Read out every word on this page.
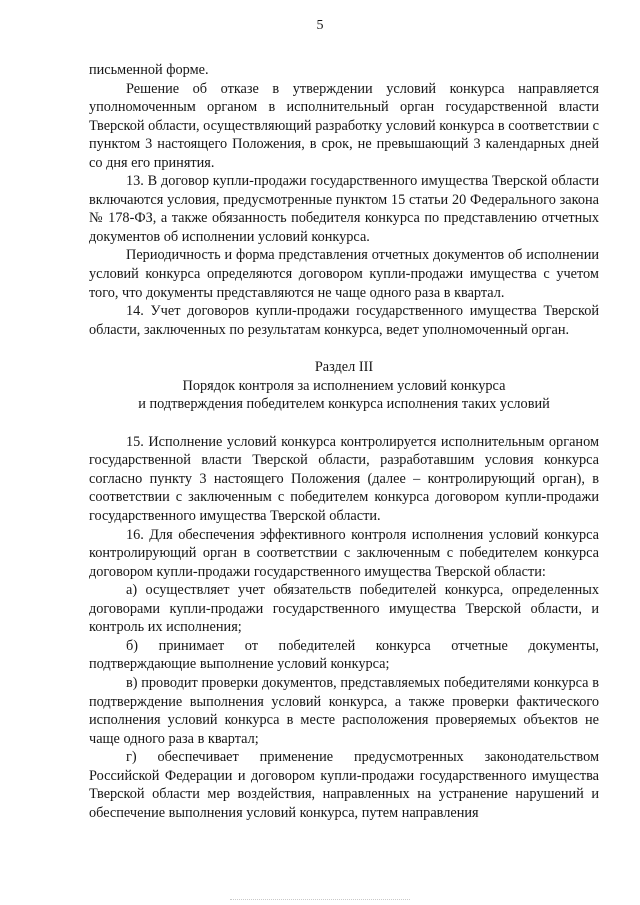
5

письменной форме.

Решение об отказе в утверждении условий конкурса направляется уполномоченным органом в исполнительный орган государственной власти Тверской области, осуществляющий разработку условий конкурса в соответствии с пунктом 3 настоящего Положения, в срок, не превышающий 3 календарных дней со дня его принятия.

13. В договор купли-продажи государственного имущества Тверской области включаются условия, предусмотренные пунктом 15 статьи 20 Федерального закона № 178-ФЗ, а также обязанность победителя конкурса по представлению отчетных документов об исполнении условий конкурса.

Периодичность и форма представления отчетных документов об исполнении условий конкурса определяются договором купли-продажи имущества с учетом того, что документы представляются не чаще одного раза в квартал.

14. Учет договоров купли-продажи государственного имущества Тверской области, заключенных по результатам конкурса, ведет уполномоченный орган.

Раздел III
Порядок контроля за исполнением условий конкурса
и подтверждения победителем конкурса исполнения таких условий

15. Исполнение условий конкурса контролируется исполнительным органом государственной власти Тверской области, разработавшим условия конкурса согласно пункту 3 настоящего Положения (далее – контролирующий орган), в соответствии с заключенным с победителем конкурса договором купли-продажи государственного имущества Тверской области.

16. Для обеспечения эффективного контроля исполнения условий конкурса контролирующий орган в соответствии с заключенным с победителем конкурса договором купли-продажи государственного имущества Тверской области:

а) осуществляет учет обязательств победителей конкурса, определенных договорами купли-продажи государственного имущества Тверской области, и контроль их исполнения;

б) принимает от победителей конкурса отчетные документы, подтверждающие выполнение условий конкурса;

в) проводит проверки документов, представляемых победителями конкурса в подтверждение выполнения условий конкурса, а также проверки фактического исполнения условий конкурса в месте расположения проверяемых объектов не чаще одного раза в квартал;

г) обеспечивает применение предусмотренных законодательством Российской Федерации и договором купли-продажи государственного имущества Тверской области мер воздействия, направленных на устранение нарушений и обеспечение выполнения условий конкурса, путем направления
